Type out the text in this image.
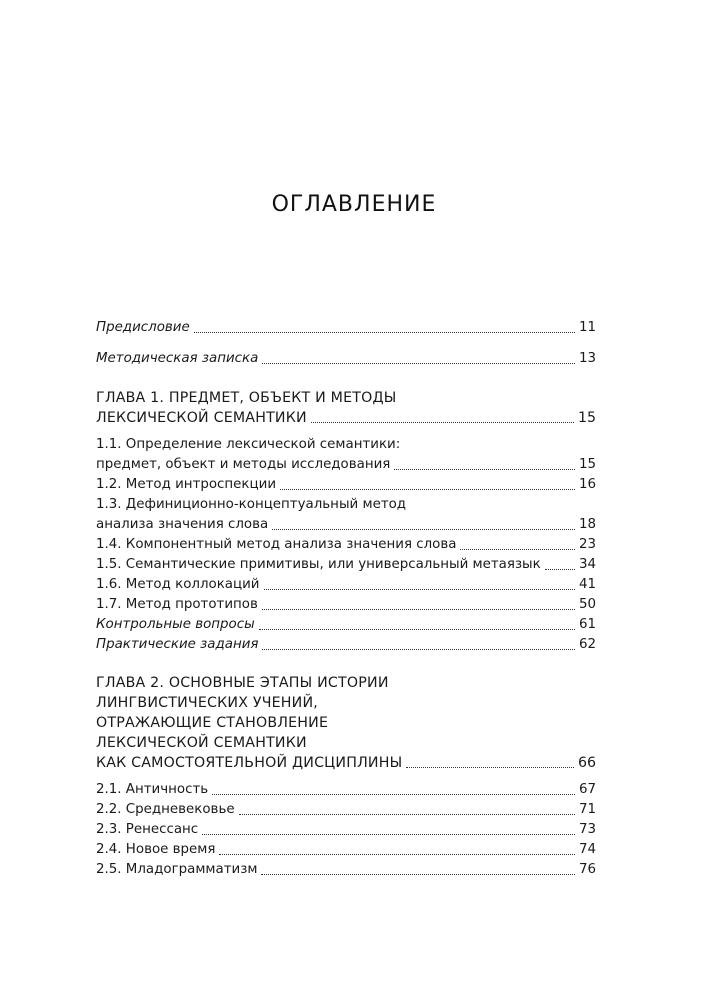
ОГЛАВЛЕНИЕ
Предисловие	11
Методическая записка	13
ГЛАВА 1. ПРЕДМЕТ, ОБЪЕКТ И МЕТОДЫ
ЛЕКСИЧЕСКОЙ СЕМАНТИКИ	15
1.1. Определение лексической семантики:
предмет, объект и методы исследования	15
1.2. Метод интроспекции	16
1.3. Дефиниционно-концептуальный метод
анализа значения слова	18
1.4. Компонентный метод анализа значения слова	23
1.5. Семантические примитивы, или универсальный метаязык	34
1.6. Метод коллокаций	41
1.7. Метод прототипов	50
Контрольные вопросы	61
Практические задания	62
ГЛАВА 2. ОСНОВНЫЕ ЭТАПЫ ИСТОРИИ
ЛИНГВИСТИЧЕСКИХ УЧЕНИЙ,
ОТРАЖАЮЩИЕ СТАНОВЛЕНИЕ
ЛЕКСИЧЕСКОЙ СЕМАНТИКИ
КАК САМОСТОЯТЕЛЬНОЙ ДИСЦИПЛИНЫ	66
2.1. Античность	67
2.2. Средневековье	71
2.3. Ренессанс	73
2.4. Новое время	74
2.5. Младограмматизм	76
